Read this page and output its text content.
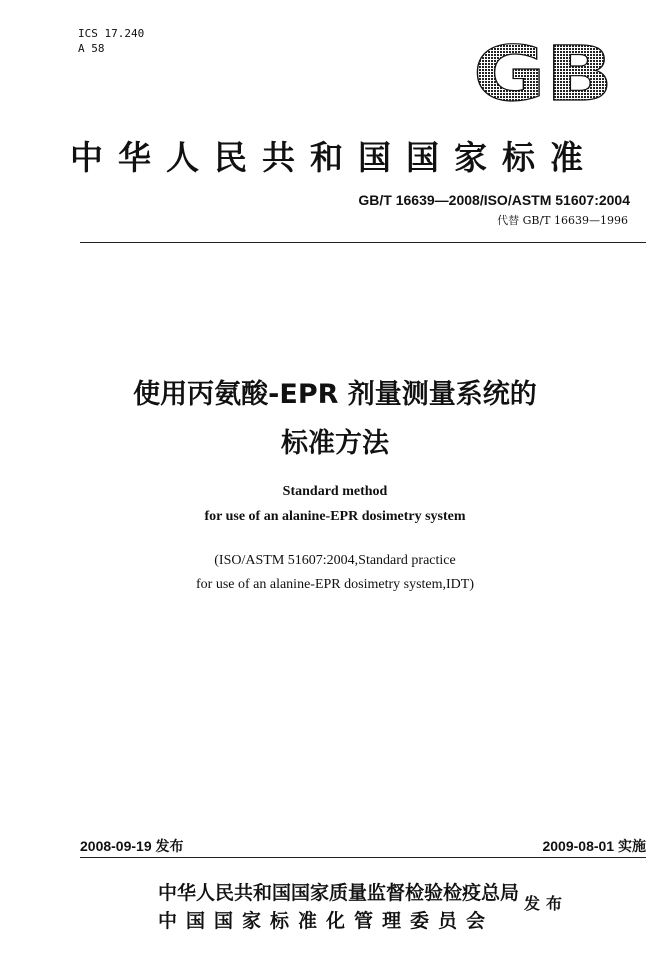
ICS 17.240
A 58	GB
中华人民共和国国家标准
GB/T 16639—2008/ISO/ASTM 51607:2004
代替 GB/T 16639—1996
使用丙氨酸-EPR 剂量测量系统的
标准方法
Standard method
for use of an alanine-EPR dosimetry system
(ISO/ASTM 51607:2004,Standard practice
for use of an alanine-EPR dosimetry system,IDT)
2008-09-19 发布	2009-08-01 实施
中华人民共和国国家质量监督检验检疫总局
中国国家标准化管理委员会
发布
